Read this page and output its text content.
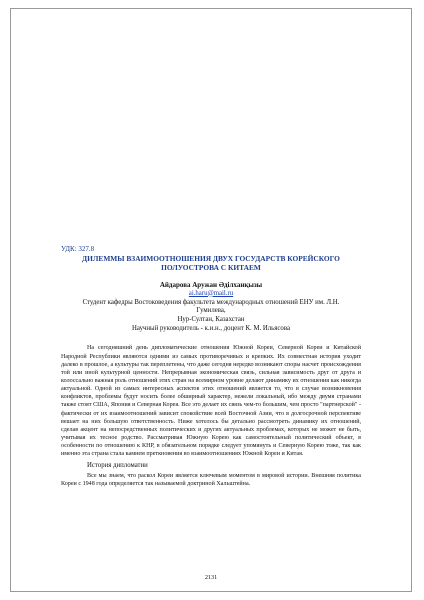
УДК: 327.8

ДИЛЕММЫ ВЗАИМООТНОШЕНИЯ ДВУХ ГОСУДАРСТВ КОРЕЙСКОГО ПОЛУОСТРОВА С КИТАЕМ

Айдарова Аружан Әділханқызы

ai.haru@mail.ru

Студент кафедры Востоковедения факультета международных отношений ЕНУ им. Л.Н.

Гумилева,

Нур-Султан, Казахстан

Научный руководитель - к.и.н., доцент К. М. Ильясова

На сегодняшний день дипломатические отношения Южной Кореи, Северной Кореи и Китайской Народной Республики являются одними из самых противоречивых и крепких. Их совместная история уходит далеко в прошлое, а культуры так переплетены, что даже сегодня нередко возникают споры насчет происхождения той или иной культурной ценности. Непрерывная экономическая связь, сильная зависимость друг от друга и колоссально важная роль отношений этих стран на всемирном уровне делают динамику их отношения как никогда актуальной. Одной из самых интересных аспектов этих отношений является то, что в случае возникновения конфликтов, проблемы будут носить более обширный характер, нежели локальный, ибо между двумя странами также стоят США, Япония и Северная Корея. Все это делает их связь чем-то большим, чем просто "партнерской" - фактически от их взаимоотношений зависит спокойствие всей Восточной Азии, что в долгосрочной перспективе вешает на них большую ответственность. Ниже хотелось бы детально рассмотреть динамику их отношений, сделав акцент на непосредственных политических и других актуальных проблемах, которых не может не быть, учитывая их тесное родство. Рассматривая Южную Корею как самостоятельный политический объект, в особенности по отношению к КНР, в обязательном порядке следует упомянуть и Северную Корею тоже, так как именно эта страна стала камнем преткновения во взаимоотношениях Южной Кореи и Китая.

История дипломатии

Все мы знаем, что раскол Кореи является ключевым моментом в мировой истории. Внешняя политика Кореи с 1948 года определяется так называемой доктриной Хальштейна.

2131
